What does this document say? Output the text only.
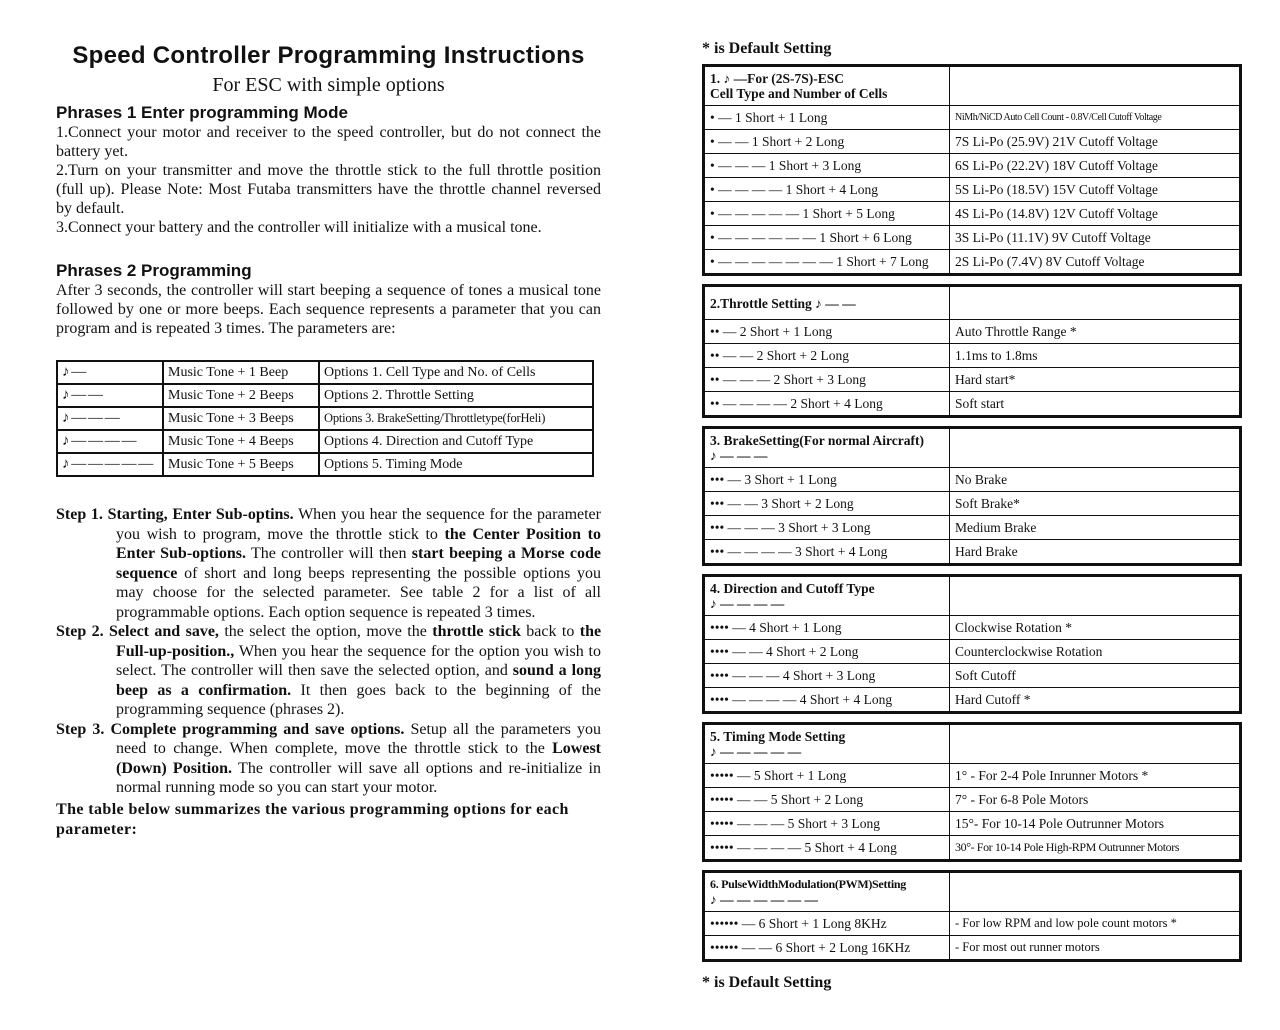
Speed Controller Programming Instructions
For ESC with simple options
Phrases 1 Enter programming Mode
1.Connect your motor and receiver to the speed controller, but do not connect the battery yet.
2.Turn on your transmitter and move the throttle stick to the full throttle position (full up). Please Note: Most Futaba transmitters have the throttle channel reversed by default.
3.Connect your battery and the controller will initialize with a musical tone.
Phrases 2 Programming
After 3 seconds, the controller will start beeping a sequence of tones a musical tone followed by one or more beeps. Each sequence represents a parameter that you can program and is repeated 3 times. The parameters are:
♪ —	Music Tone + 1 Beep	Options 1. Cell Type and No. of Cells
♪ — —	Music Tone + 2 Beeps	Options 2. Throttle Setting
♪ — — —	Music Tone + 3 Beeps	Options 3. BrakeSetting/Throttletype(forHeli)
♪ — — — —	Music Tone + 4 Beeps	Options 4. Direction and Cutoff Type
♪ — — — — —	Music Tone + 5 Beeps	Options 5. Timing Mode
Step 1. Starting, Enter Sub-optins. When you hear the sequence for the parameter you wish to program, move the throttle stick to the Center Position to Enter Sub-options. The controller will then start beeping a Morse code sequence of short and long beeps representing the possible options you may choose for the selected parameter. See table 2 for a list of all programmable options. Each option sequence is repeated 3 times.
Step 2. Select and save, the select the option, move the throttle stick back to the Full-up-position., When you hear the sequence for the option you wish to select. The controller will then save the selected option, and sound a long beep as a confirmation. It then goes back to the beginning of the programming sequence (phrases 2).
Step 3. Complete programming and save options. Setup all the parameters you need to change. When complete, move the throttle stick to the Lowest (Down) Position. The controller will save all options and re-initialize in normal running mode so you can start your motor.
The table below summarizes the various programming options for each parameter:
* is Default Setting
1. ♪ —For (2S-7S)-ESC
Cell Type and Number of Cells	

• — 1 Short + 1 Long	NiMh/NiCD Auto Cell Count - 0.8V/Cell Cutoff Voltage
• — — 1 Short + 2 Long	7S Li-Po (25.9V) 21V Cutoff Voltage
• — — — 1 Short + 3 Long	6S Li-Po (22.2V) 18V Cutoff Voltage
• — — — — 1 Short + 4 Long	5S Li-Po (18.5V) 15V Cutoff Voltage
• — — — — — 1 Short + 5 Long	4S Li-Po (14.8V) 12V Cutoff Voltage
• — — — — — — 1 Short + 6 Long	3S Li-Po (11.1V) 9V Cutoff Voltage
• — — — — — — — 1 Short + 7 Long	2S Li-Po (7.4V) 8V Cutoff Voltage
2.Throttle Setting ♪ — —	

•• — 2 Short + 1 Long	Auto Throttle Range *
•• — — 2 Short + 2 Long	1.1ms to 1.8ms
•• — — — 2 Short + 3 Long	Hard start*
•• — — — — 2 Short + 4 Long	Soft start
3. BrakeSetting(For normal Aircraft)
♪ — — —	

••• — 3 Short + 1 Long	No Brake
••• — — 3 Short + 2 Long	Soft Brake*
••• — — — 3 Short + 3 Long	Medium Brake
••• — — — — 3 Short + 4 Long	Hard Brake
4. Direction and Cutoff Type
♪ — — — —	

•••• — 4 Short + 1 Long	Clockwise Rotation *
•••• — — 4 Short + 2 Long	Counterclockwise Rotation
•••• — — — 4 Short + 3 Long	Soft Cutoff
•••• — — — — 4 Short + 4 Long	Hard Cutoff *
5. Timing Mode Setting
♪ — — — — —	

••••• — 5 Short + 1 Long	1° - For 2-4 Pole Inrunner Motors *
••••• — — 5 Short + 2 Long	7° - For 6-8 Pole Motors
••••• — — — 5 Short + 3 Long	15°- For 10-14 Pole Outrunner Motors
••••• — — — — 5 Short + 4 Long	30°- For 10-14 Pole High-RPM Outrunner Motors
6. PulseWidthModulation(PWM)Setting
♪ — — — — — —	

•••••• — 6 Short + 1 Long 8KHz	- For low RPM and low pole count motors *
•••••• — — 6 Short + 2 Long 16KHz	- For most out runner motors
* is Default Setting
